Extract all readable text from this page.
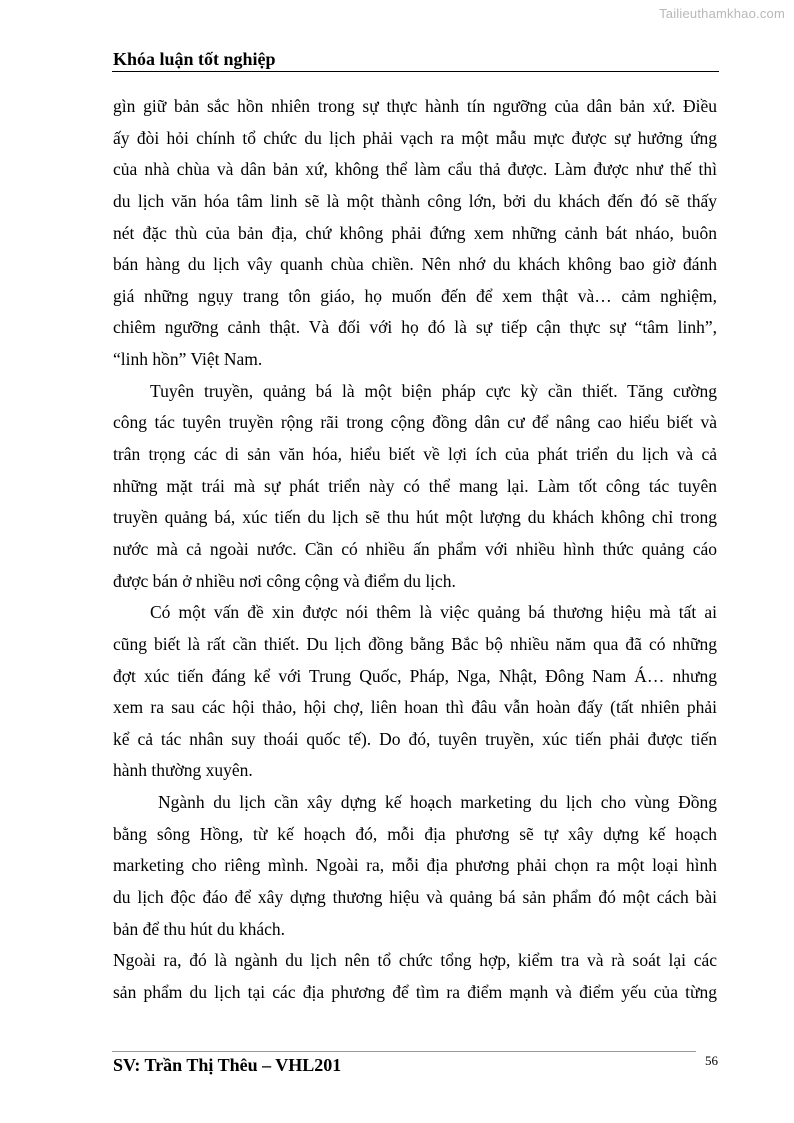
Tailieuthamkhao.com
Khóa luận tốt nghiệp
gìn giữ bản sắc hồn nhiên trong sự thực hành tín ngưỡng của dân bản xứ. Điều
ấy đòi hỏi chính tổ chức du lịch phải vạch ra một mẫu mực được sự hưởng ứng
của nhà chùa và dân bản xứ, không thể làm cẩu thả được. Làm được như thế thì
du lịch văn hóa tâm linh sẽ là một thành công lớn, bởi du khách đến đó sẽ thấy
nét đặc thù của bản địa, chứ không phải đứng xem những cảnh bát nháo, buôn
bán hàng du lịch vây quanh chùa chiền. Nên nhớ du khách không bao giờ đánh
giá những ngụy trang tôn giáo, họ muốn đến để xem thật và… cảm nghiệm,
chiêm ngưỡng cảnh thật. Và đối với họ đó là sự tiếp cận thực sự “tâm linh”,
“linh hồn” Việt Nam.
Tuyên truyền, quảng bá là một biện pháp cực kỳ cần thiết. Tăng cường
công tác tuyên truyền rộng rãi trong cộng đồng dân cư để nâng cao hiểu biết và
trân trọng các di sản văn hóa, hiểu biết về lợi ích của phát triển du lịch và cả
những mặt trái mà sự phát triển này có thể mang lại. Làm tốt công tác tuyên
truyền quảng bá, xúc tiến du lịch sẽ thu hút một lượng du khách không chỉ trong
nước mà cả ngoài nước. Cần có nhiều ấn phẩm với nhiều hình thức quảng cáo
được bán ở nhiều nơi công cộng và điểm du lịch.
Có một vấn đề xin được nói thêm là việc quảng bá thương hiệu mà tất ai
cũng biết là rất cần thiết. Du lịch đồng bằng Bắc bộ nhiều năm qua đã có những
đợt xúc tiến đáng kể với Trung Quốc, Pháp, Nga, Nhật, Đông Nam Á… nhưng
xem ra sau các hội thảo, hội chợ, liên hoan thì đâu vẫn hoàn đấy (tất nhiên phải
kể cả tác nhân suy thoái quốc tế). Do đó, tuyên truyền, xúc tiến phải được tiến
hành thường xuyên.
Ngành du lịch cần xây dựng kế hoạch marketing du lịch cho vùng Đồng
bằng sông Hồng, từ kế hoạch đó, mỗi địa phương sẽ tự xây dựng kế hoạch
marketing cho riêng mình. Ngoài ra, mỗi địa phương phải chọn ra một loại hình
du lịch độc đáo để xây dựng thương hiệu và quảng bá sản phẩm đó một cách bài
bản để thu hút du khách.
Ngoài ra, đó là ngành du lịch nên tổ chức tổng hợp, kiểm tra và rà soát lại các
sản phẩm du lịch tại các địa phương để tìm ra điểm mạnh và điểm yếu của từng
SV: Trần Thị Thêu – VHL201	56
